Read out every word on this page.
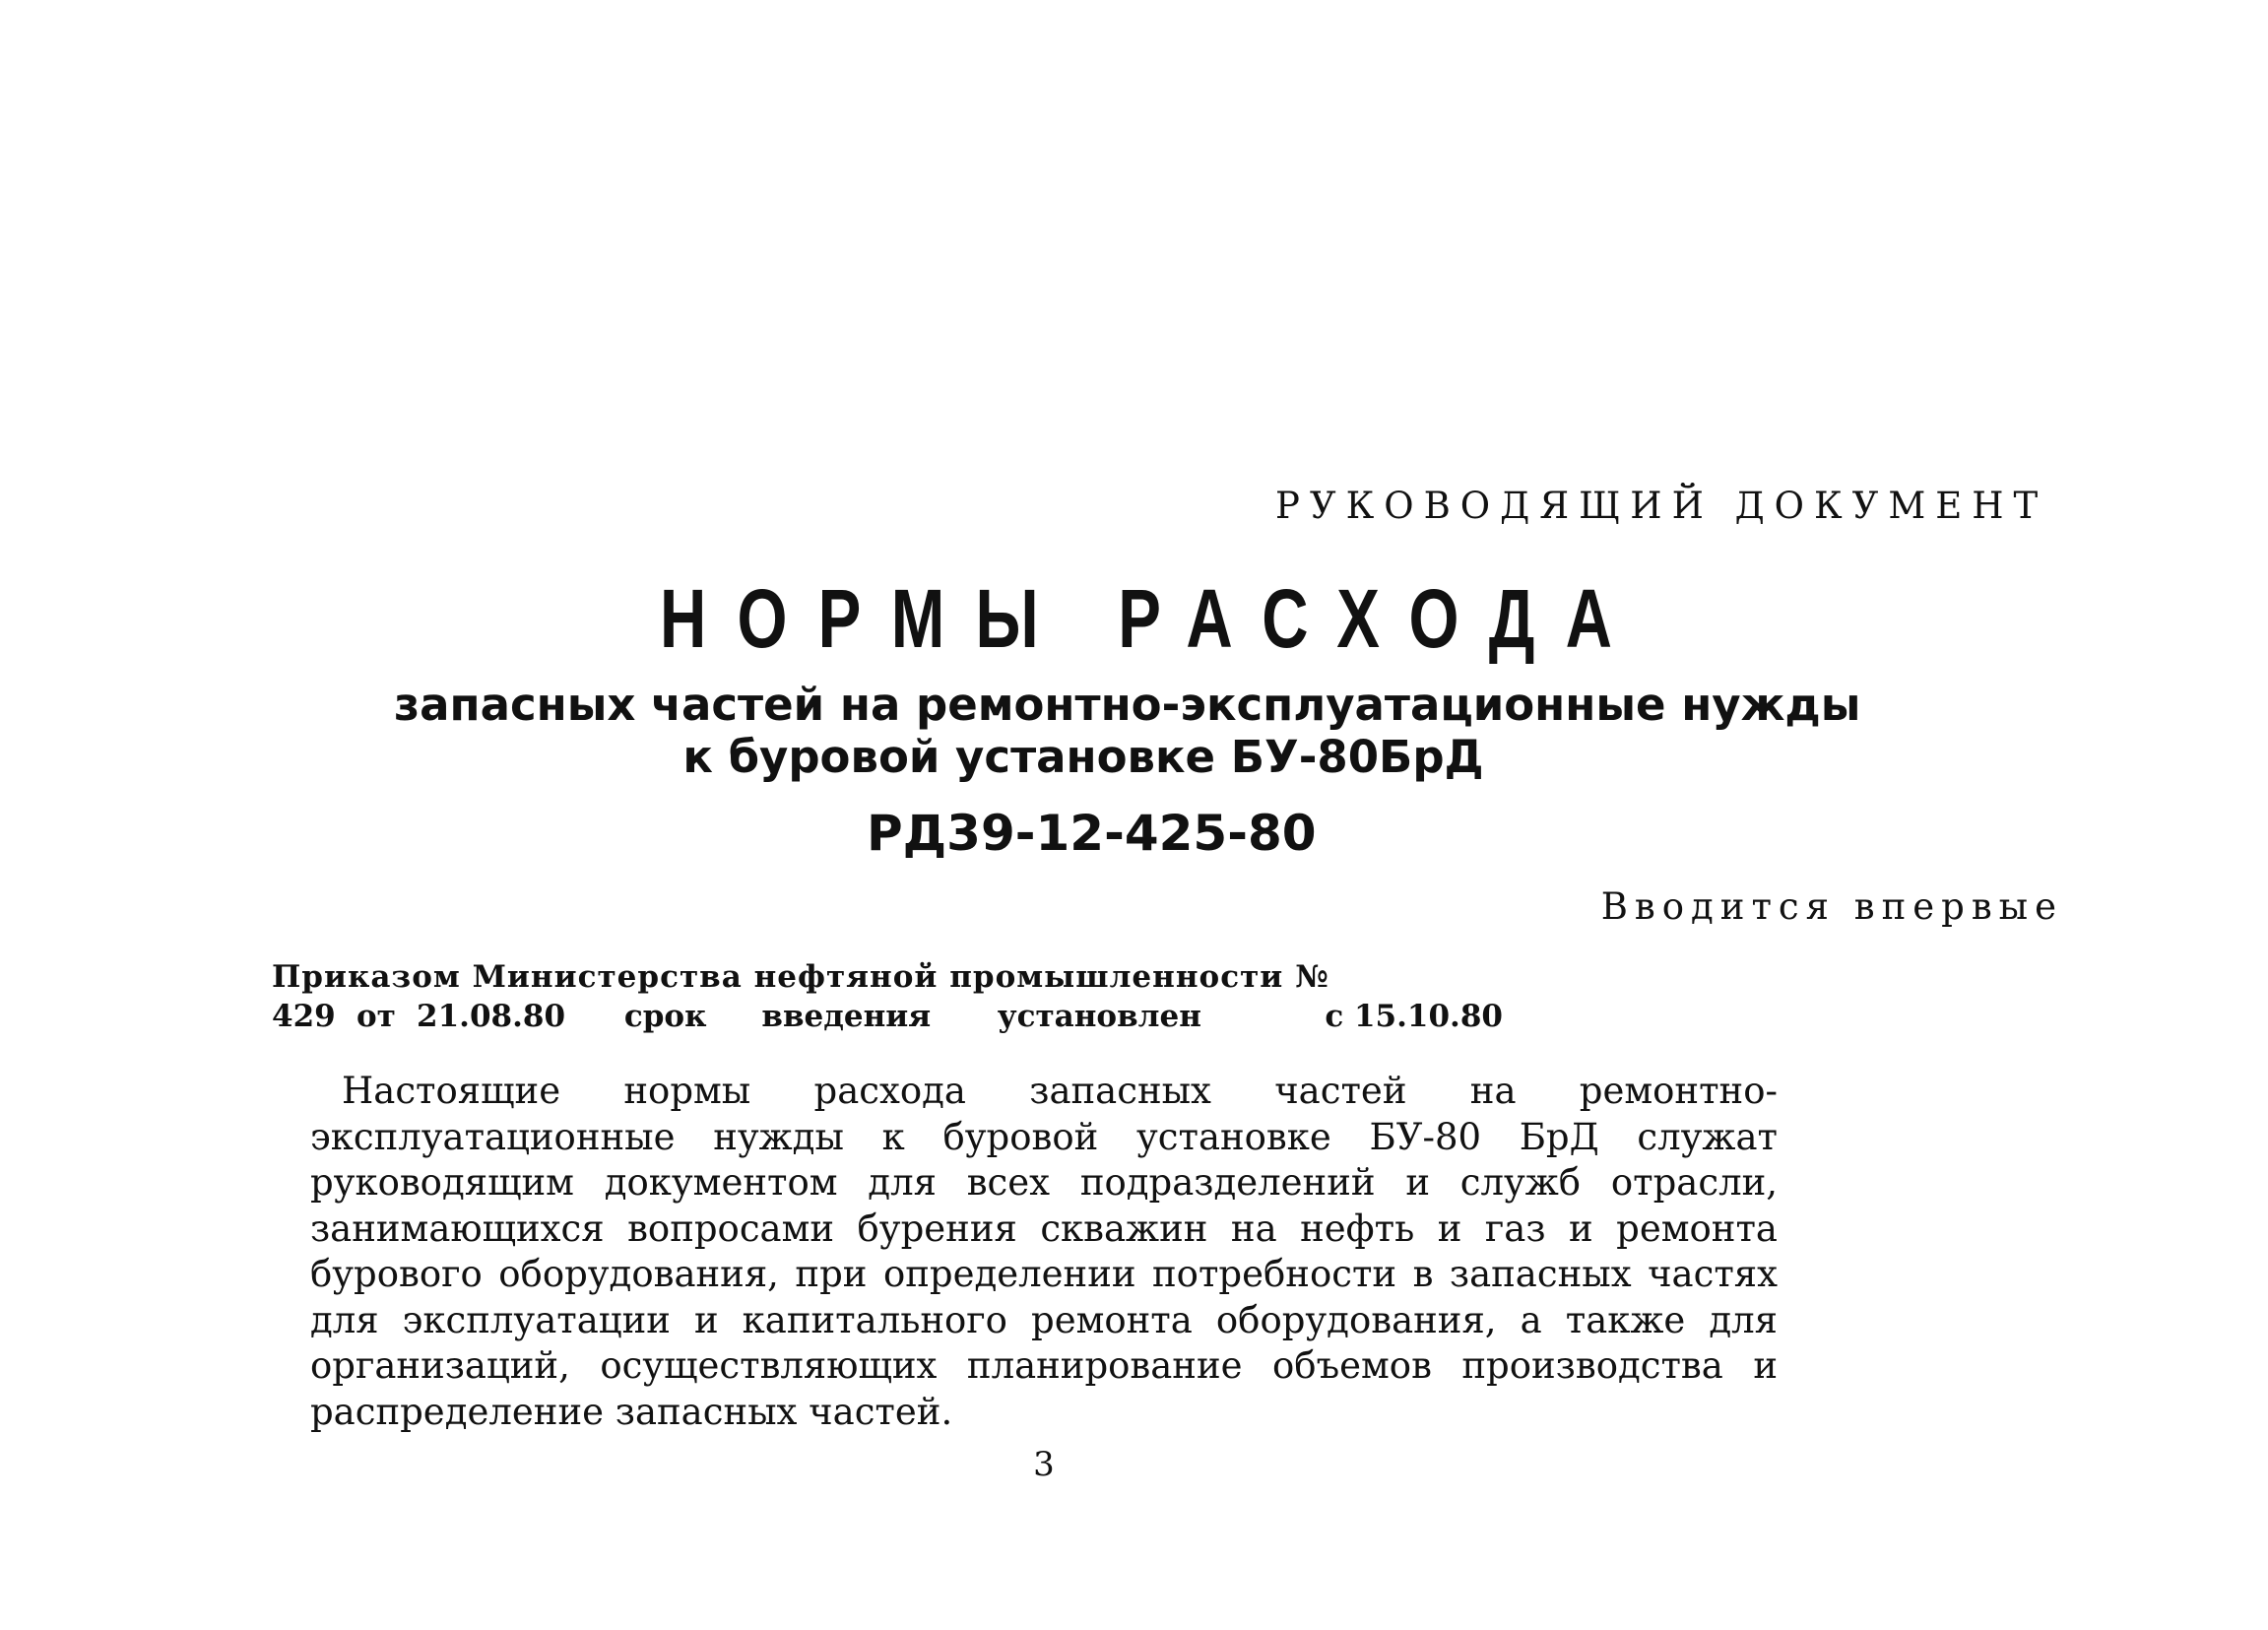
РУКОВОДЯЩИЙ ДОКУМЕНТ
НОРМЫ РАСХОДА
запасных частей на ремонтно-эксплуатационные нужды
к буровой установке БУ-80БрД
РД39-12-425-80
Вводится впервые
Приказом Министерства нефтяной промышленности №
429 от 21.08.80 срок введения установлен	с 15.10.80
Настоящие нормы расхода запасных частей на ремонтно-эксплуатационные нужды к буровой установке БУ-80 БрД служат руководящим документом для всех подразделений и служб отрасли, занимающихся вопросами бурения скважин на нефть и газ и ремонта бурового оборудования, при определении потребности в запасных частях для эксплуатации и капитального ремонта оборудования, а также для организаций, осуществляющих планирование объемов производства и распределение запасных частей.
3
